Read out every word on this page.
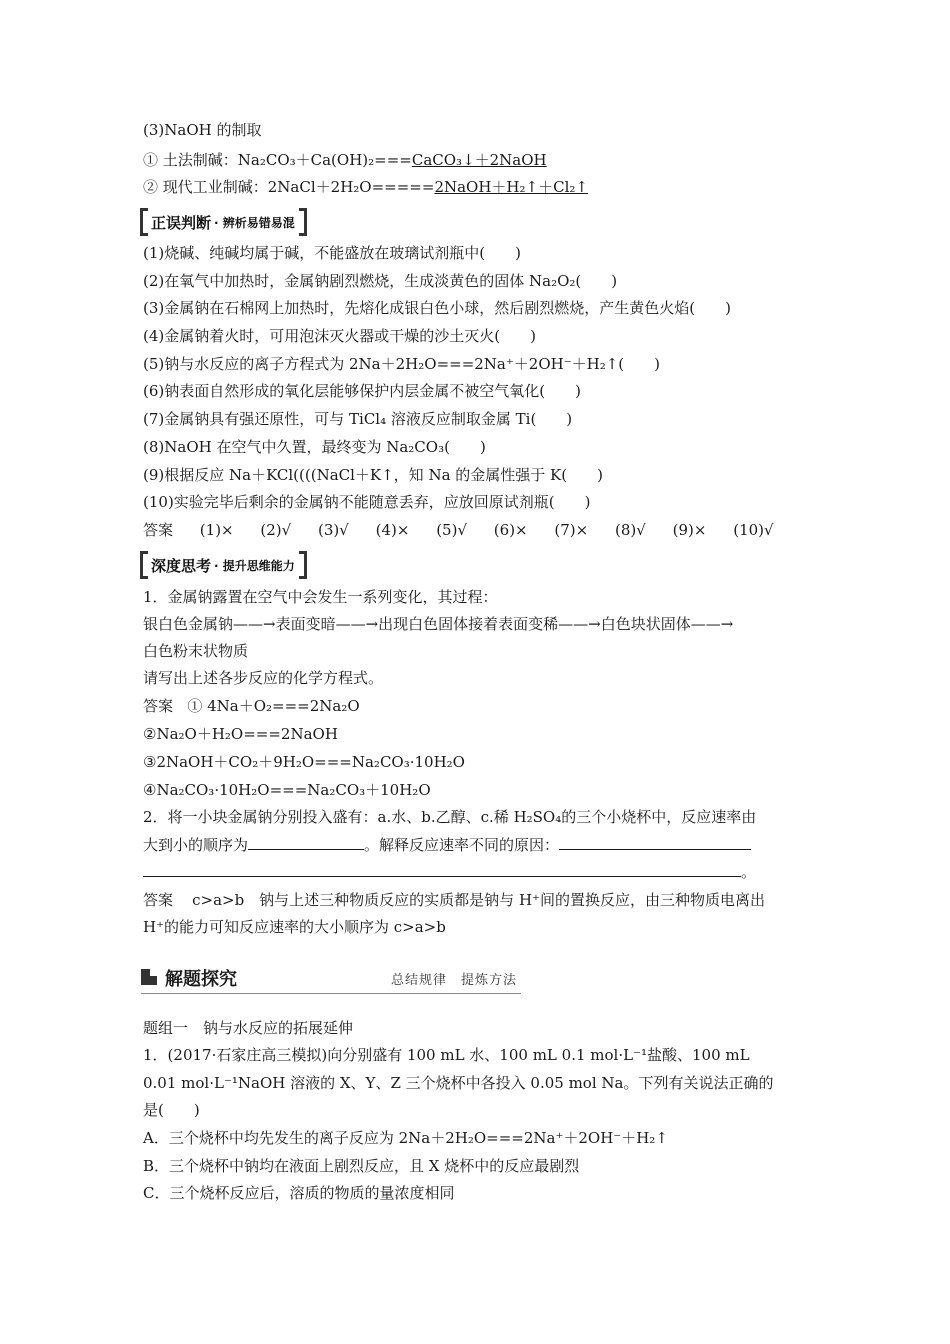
(3)NaOH 的制取
① 土法制碱：Na₂CO₃＋Ca(OH)₂===CaCO₃↓＋2NaOH
② 现代工业制碱：2NaCl＋2H₂O=====2NaOH＋H₂↑＋Cl₂↑
正误判断 · 辨析易错易混
(1)烧碱、纯碱均属于碱，不能盛放在玻璃试剂瓶中(　　)
(2)在氧气中加热时，金属钠剧烈燃烧，生成淡黄色的固体 Na₂O₂(　　)
(3)金属钠在石棉网上加热时，先熔化成银白色小球，然后剧烈燃烧，产生黄色火焰(　　)
(4)金属钠着火时，可用泡沫灭火器或干燥的沙土灭火(　　)
(5)钠与水反应的离子方程式为 2Na＋2H₂O===2Na⁺＋2OH⁻＋H₂↑(　　)
(6)钠表面自然形成的氧化层能够保护内层金属不被空气氧化(　　)
(7)金属钠具有强还原性，可与 TiCl₄ 溶液反应制取金属 Ti(　　)
(8)NaOH 在空气中久置，最终变为 Na₂CO₃(　　)
(9)根据反应 Na＋KCl((((NaCl＋K↑，知 Na 的金属性强于 K(　　)
(10)实验完毕后剩余的金属钠不能随意丢弃，应放回原试剂瓶(　　)
答案 (1)× (2)√ (3)√ (4)× (5)√ (6)× (7)× (8)√ (9)× (10)√
深度思考 · 提升思维能力
1．金属钠露置在空气中会发生一系列变化，其过程：
银白色金属钠——→表面变暗——→出现白色固体接着表面变稀——→白色块状固体——→
白色粉末状物质
请写出上述各步反应的化学方程式。
答案 ① 4Na＋O₂===2Na₂O
②Na₂O＋H₂O===2NaOH
③2NaOH＋CO₂＋9H₂O===Na₂CO₃·10H₂O
④Na₂CO₃·10H₂O===Na₂CO₃＋10H₂O
2．将一小块金属钠分别投入盛有：a.水、b.乙醇、c.稀 H₂SO₄的三个小烧杯中，反应速率由
大到小的顺序为	。解释反应速率不同的原因：
。
答案 c>a>b　钠与上述三种物质反应的实质都是钠与 H⁺间的置换反应，由三种物质电离出
H⁺的能力可知反应速率的大小顺序为 c>a>b
解题探究	总结规律　提炼方法
题组一　钠与水反应的拓展延伸
1．(2017·石家庄高三模拟)向分别盛有 100 mL 水、100 mL 0.1 mol·L⁻¹盐酸、100 mL
0.01 mol·L⁻¹NaOH 溶液的 X、Y、Z 三个烧杯中各投入 0.05 mol Na。下列有关说法正确的
是(　　)
A．三个烧杯中均先发生的离子反应为 2Na＋2H₂O===2Na⁺＋2OH⁻＋H₂↑
B．三个烧杯中钠均在液面上剧烈反应，且 X 烧杯中的反应最剧烈
C．三个烧杯反应后，溶质的物质的量浓度相同
